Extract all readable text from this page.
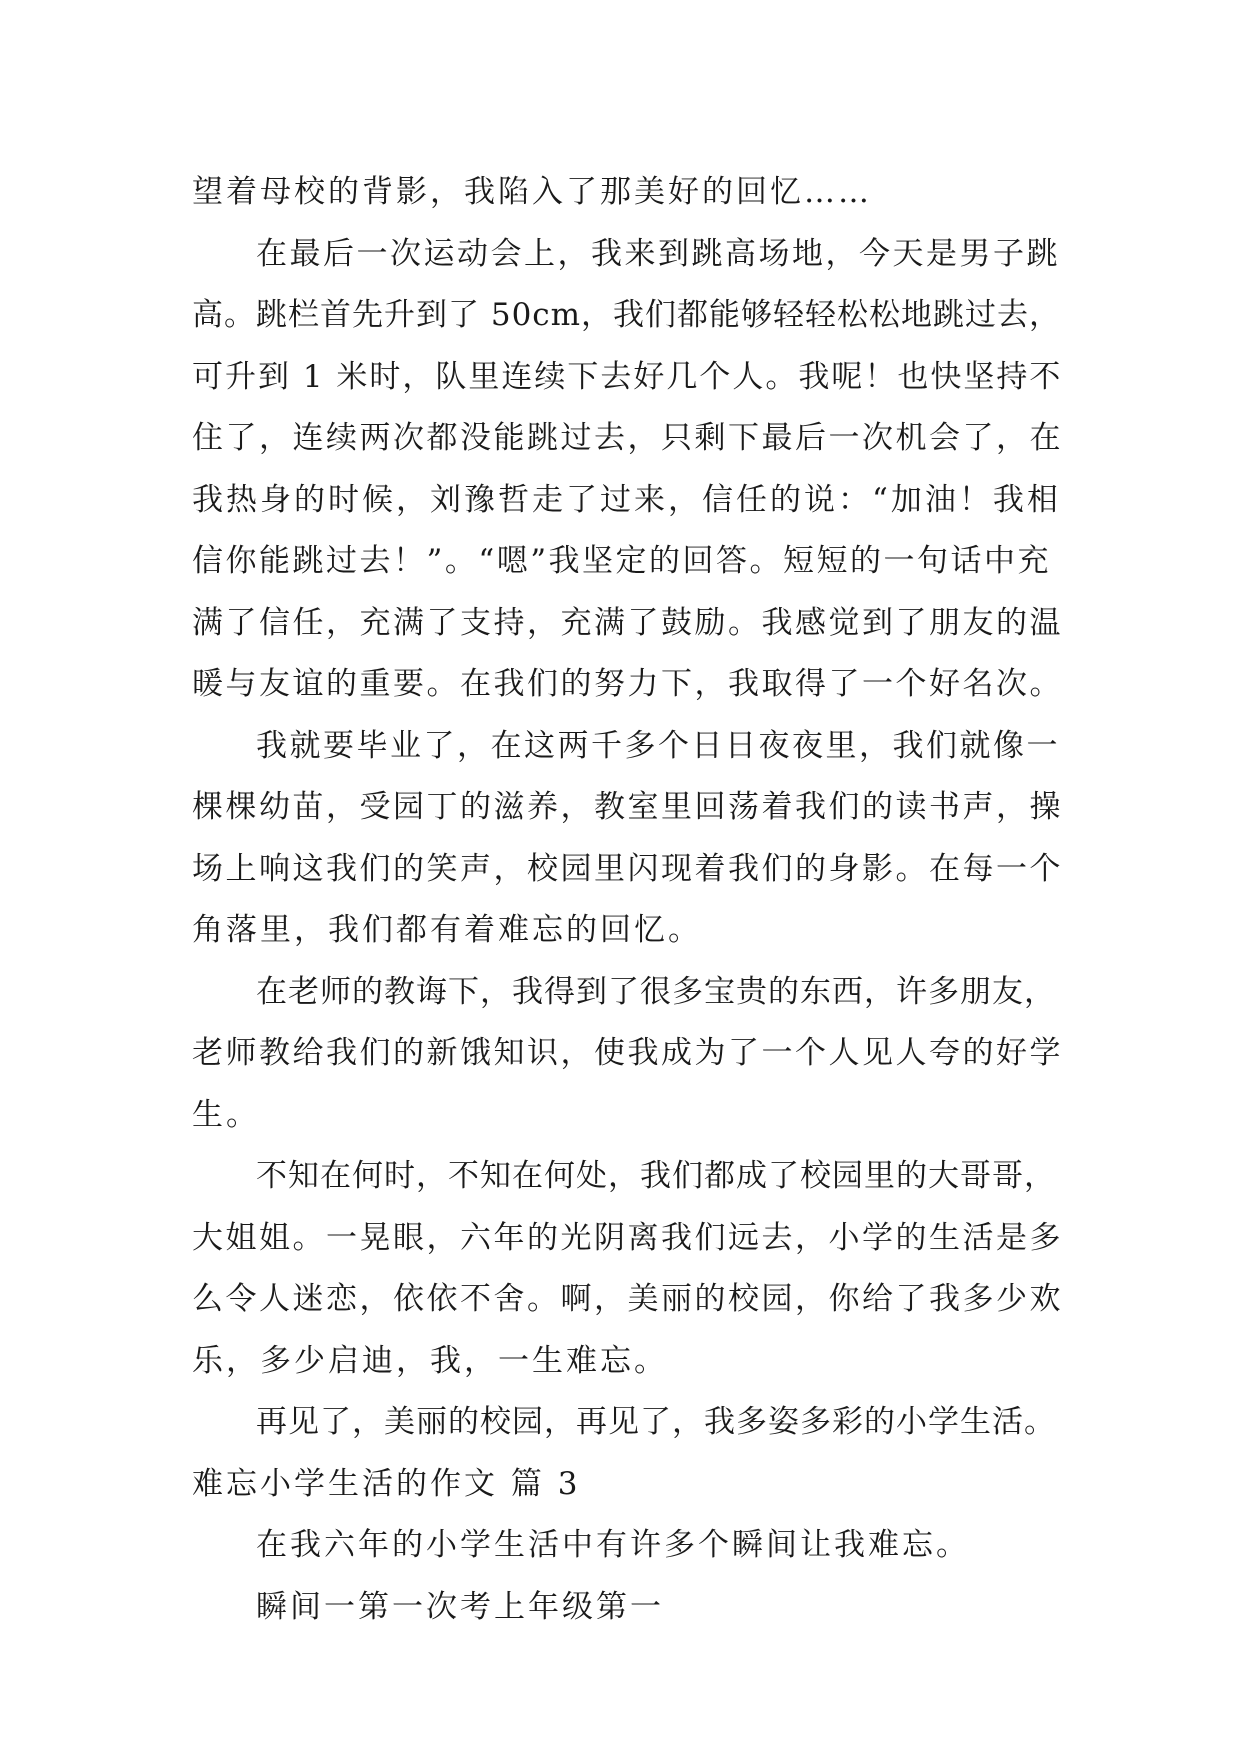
望着母校的背影，我陷入了那美好的回忆……
在最后一次运动会上，我来到跳高场地，今天是男子跳
高。跳栏首先升到了 50cm，我们都能够轻轻松松地跳过去，
可升到 1 米时，队里连续下去好几个人。我呢！也快坚持不
住了，连续两次都没能跳过去，只剩下最后一次机会了，在
我热身的时候，刘豫哲走了过来，信任的说：“加油！我相
信你能跳过去！”。“嗯”我坚定的回答。短短的一句话中充
满了信任，充满了支持，充满了鼓励。我感觉到了朋友的温
暖与友谊的重要。在我们的努力下，我取得了一个好名次。
我就要毕业了，在这两千多个日日夜夜里，我们就像一
棵棵幼苗，受园丁的滋养，教室里回荡着我们的读书声，操
场上响这我们的笑声，校园里闪现着我们的身影。在每一个
角落里，我们都有着难忘的回忆。
在老师的教诲下，我得到了很多宝贵的东西，许多朋友，
老师教给我们的新饿知识，使我成为了一个人见人夸的好学
生。
不知在何时，不知在何处，我们都成了校园里的大哥哥，
大姐姐。一晃眼，六年的光阴离我们远去，小学的生活是多
么令人迷恋，依依不舍。啊，美丽的校园，你给了我多少欢
乐，多少启迪，我，一生难忘。
再见了，美丽的校园，再见了，我多姿多彩的小学生活。
难忘小学生活的作文 篇 3
在我六年的小学生活中有许多个瞬间让我难忘。
瞬间一第一次考上年级第一
